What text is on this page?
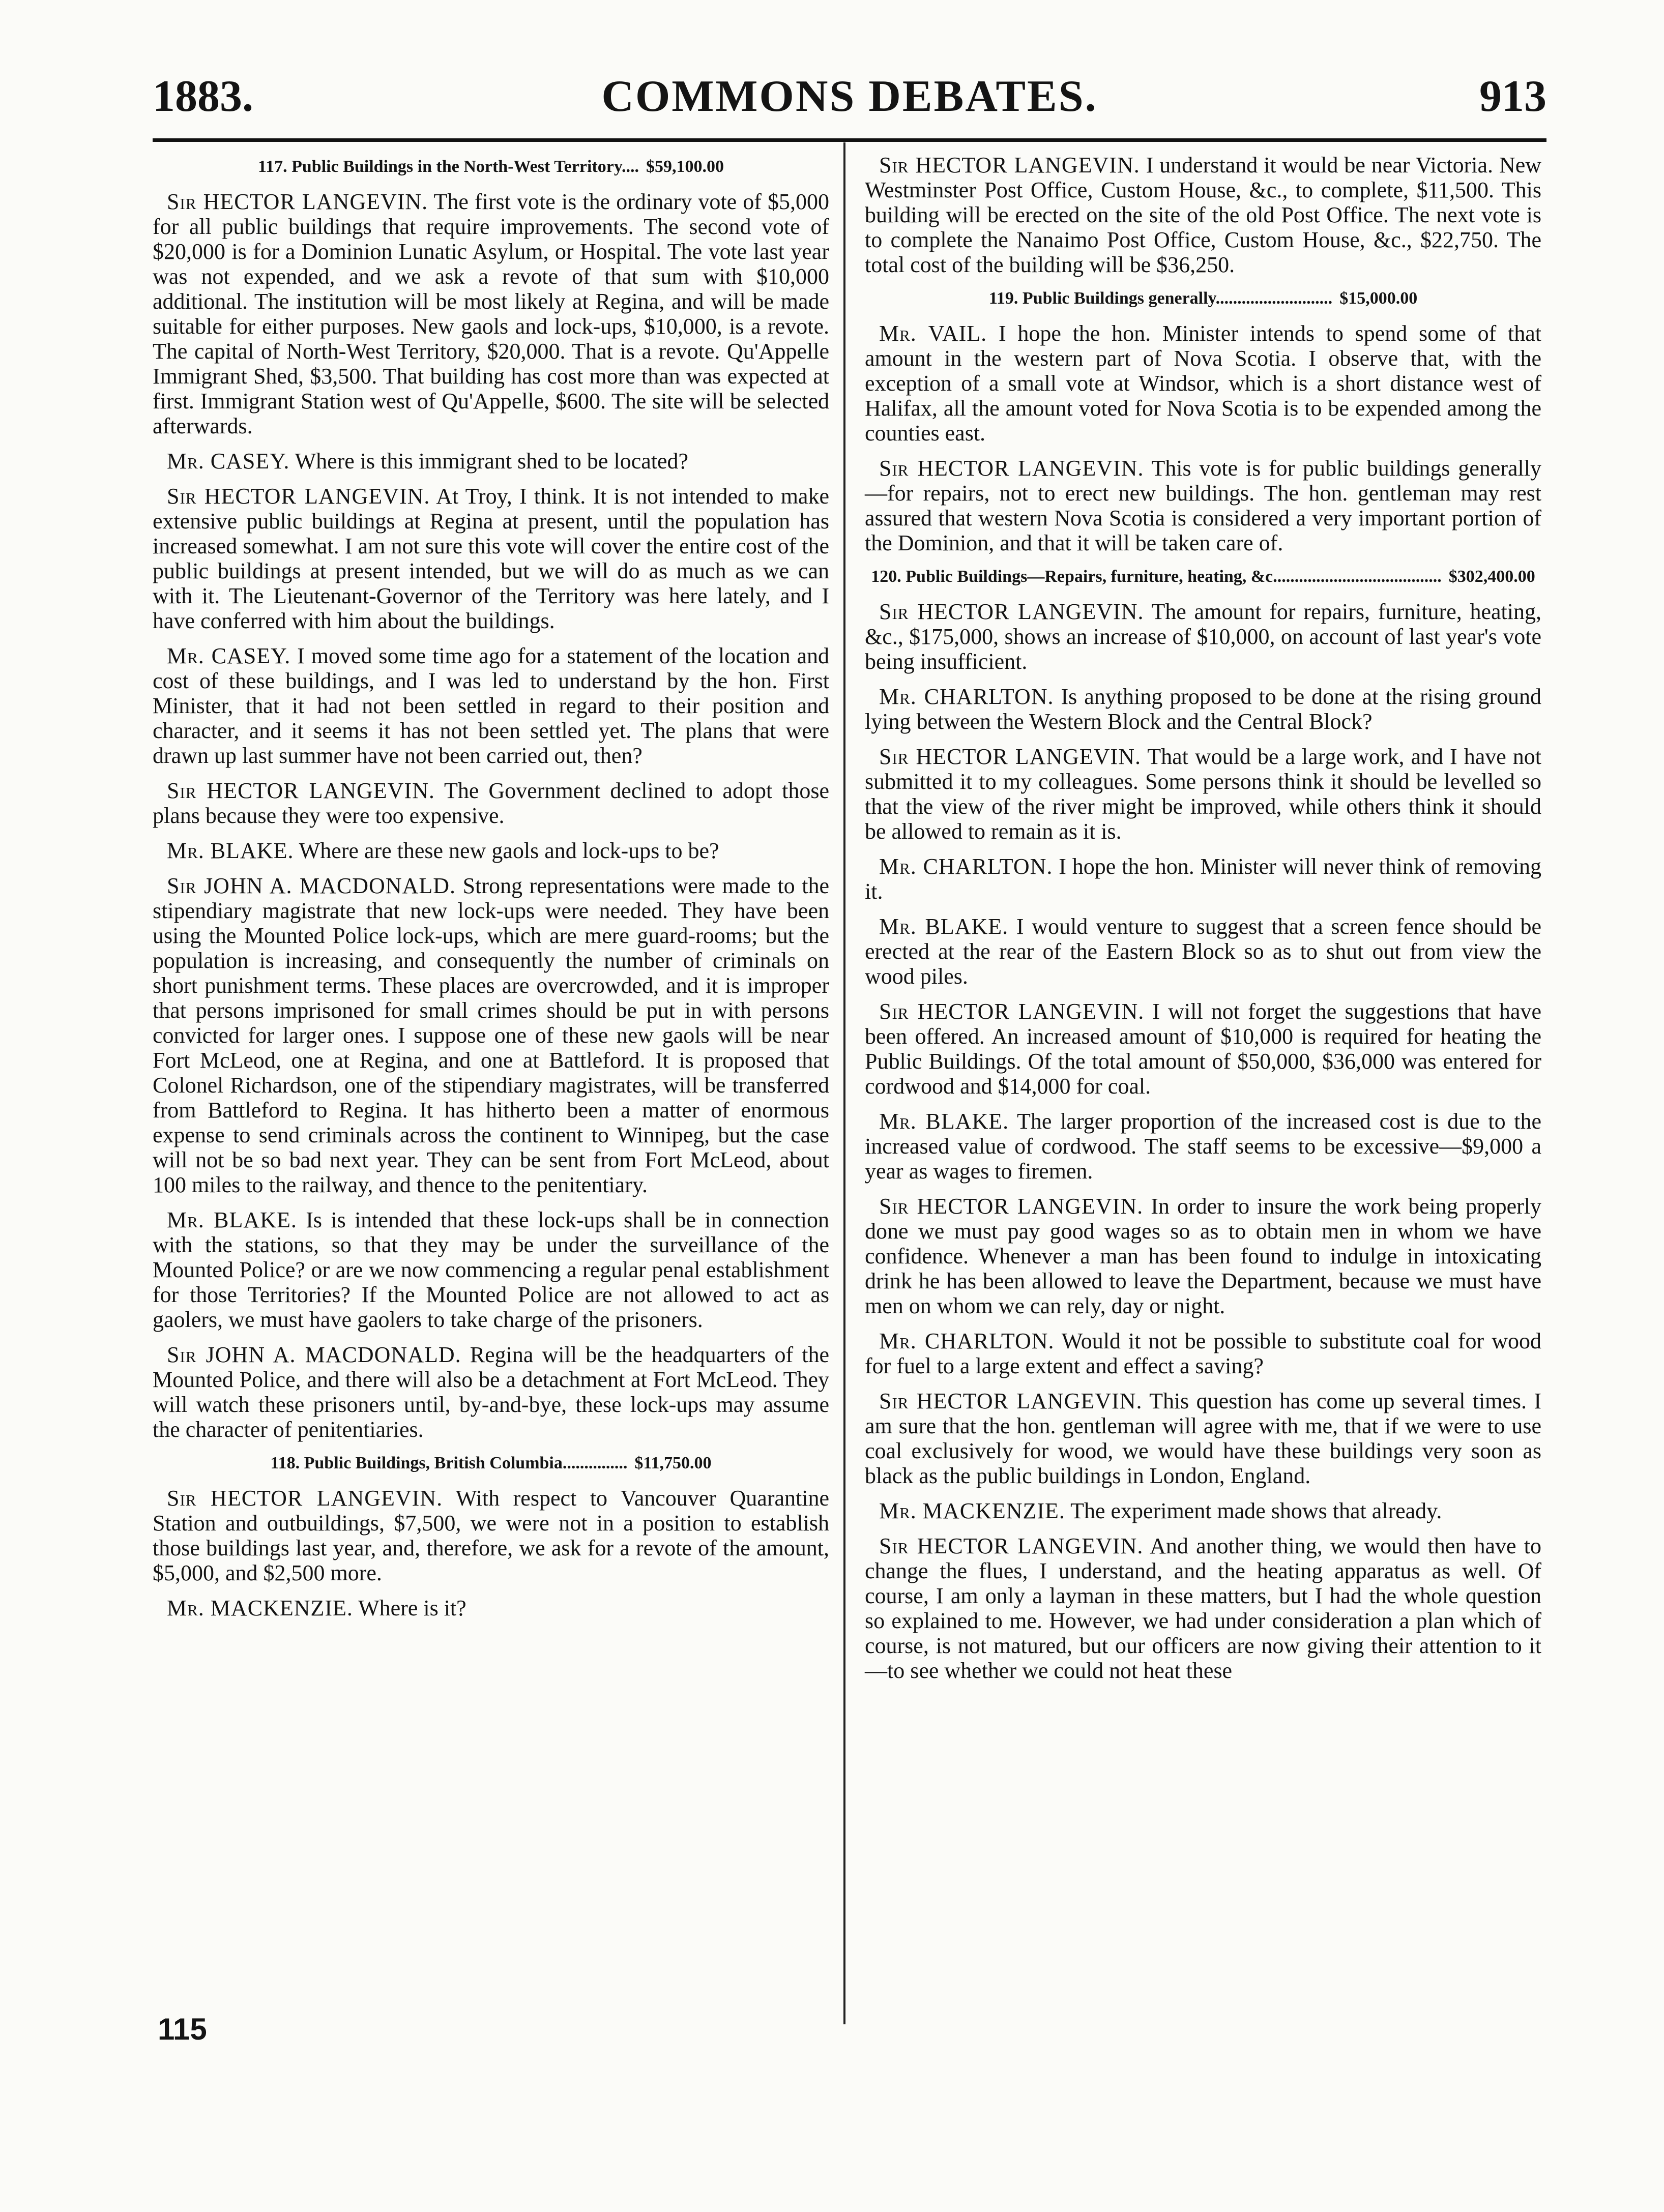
1883.	COMMONS DEBATES.	913
117. Public Buildings in the North-West Territory.... $59,100.00

Sir HECTOR LANGEVIN. The first vote is the ordinary vote of $5,000 for all public buildings that require improvements. The second vote of $20,000 is for a Dominion Lunatic Asylum, or Hospital. The vote last year was not expended, and we ask a revote of that sum with $10,000 additional. The institution will be most likely at Regina, and will be made suitable for either purposes. New gaols and lock-ups, $10,000, is a revote. The capital of North-West Territory, $20,000. That is a revote. Qu'Appelle Immigrant Shed, $3,500. That building has cost more than was expected at first. Immigrant Station west of Qu'Appelle, $600. The site will be selected afterwards.

Mr. CASEY. Where is this immigrant shed to be located?

Sir HECTOR LANGEVIN. At Troy, I think. It is not intended to make extensive public buildings at Regina at present, until the population has increased somewhat. I am not sure this vote will cover the entire cost of the public buildings at present intended, but we will do as much as we can with it. The Lieutenant-Governor of the Territory was here lately, and I have conferred with him about the buildings.

Mr. CASEY. I moved some time ago for a statement of the location and cost of these buildings, and I was led to understand by the hon. First Minister, that it had not been settled in regard to their position and character, and it seems it has not been settled yet. The plans that were drawn up last summer have not been carried out, then?

Sir HECTOR LANGEVIN. The Government declined to adopt those plans because they were too expensive.

Mr. BLAKE. Where are these new gaols and lock-ups to be?

Sir JOHN A. MACDONALD. Strong representations were made to the stipendiary magistrate that new lock-ups were needed. They have been using the Mounted Police lock-ups, which are mere guard-rooms; but the population is increasing, and consequently the number of criminals on short punishment terms. These places are overcrowded, and it is improper that persons imprisoned for small crimes should be put in with persons convicted for larger ones. I suppose one of these new gaols will be near Fort McLeod, one at Regina, and one at Battleford. It is proposed that Colonel Richardson, one of the stipendiary magistrates, will be transferred from Battleford to Regina. It has hitherto been a matter of enormous expense to send criminals across the continent to Winnipeg, but the case will not be so bad next year. They can be sent from Fort McLeod, about 100 miles to the railway, and thence to the penitentiary.

Mr. BLAKE. Is is intended that these lock-ups shall be in connection with the stations, so that they may be under the surveillance of the Mounted Police? or are we now commencing a regular penal establishment for those Territories? If the Mounted Police are not allowed to act as gaolers, we must have gaolers to take charge of the prisoners.

Sir JOHN A. MACDONALD. Regina will be the headquarters of the Mounted Police, and there will also be a detachment at Fort McLeod. They will watch these prisoners until, by-and-bye, these lock-ups may assume the character of penitentiaries.

118. Public Buildings, British Columbia............... $11,750.00

Sir HECTOR LANGEVIN. With respect to Vancouver Quarantine Station and outbuildings, $7,500, we were not in a position to establish those buildings last year, and, therefore, we ask for a revote of the amount, $5,000, and $2,500 more.

Mr. MACKENZIE. Where is it?

Sir HECTOR LANGEVIN. I understand it would be near Victoria. New Westminster Post Office, Custom House, &c., to complete, $11,500. This building will be erected on the site of the old Post Office. The next vote is to complete the Nanaimo Post Office, Custom House, &c., $22,750. The total cost of the building will be $36,250.

119. Public Buildings generally........................... $15,000.00

Mr. VAIL. I hope the hon. Minister intends to spend some of that amount in the western part of Nova Scotia. I observe that, with the exception of a small vote at Windsor, which is a short distance west of Halifax, all the amount voted for Nova Scotia is to be expended among the counties east.

Sir HECTOR LANGEVIN. This vote is for public buildings generally—for repairs, not to erect new buildings. The hon. gentleman may rest assured that western Nova Scotia is considered a very important portion of the Dominion, and that it will be taken care of.

120. Public Buildings—Repairs, furniture, heating, &c....................................... $302,400.00

Sir HECTOR LANGEVIN. The amount for repairs, furniture, heating, &c., $175,000, shows an increase of $10,000, on account of last year's vote being insufficient.

Mr. CHARLTON. Is anything proposed to be done at the rising ground lying between the Western Block and the Central Block?

Sir HECTOR LANGEVIN. That would be a large work, and I have not submitted it to my colleagues. Some persons think it should be levelled so that the view of the river might be improved, while others think it should be allowed to remain as it is.

Mr. CHARLTON. I hope the hon. Minister will never think of removing it.

Mr. BLAKE. I would venture to suggest that a screen fence should be erected at the rear of the Eastern Block so as to shut out from view the wood piles.

Sir HECTOR LANGEVIN. I will not forget the suggestions that have been offered. An increased amount of $10,000 is required for heating the Public Buildings. Of the total amount of $50,000, $36,000 was entered for cordwood and $14,000 for coal.

Mr. BLAKE. The larger proportion of the increased cost is due to the increased value of cordwood. The staff seems to be excessive—$9,000 a year as wages to firemen.

Sir HECTOR LANGEVIN. In order to insure the work being properly done we must pay good wages so as to obtain men in whom we have confidence. Whenever a man has been found to indulge in intoxicating drink he has been allowed to leave the Department, because we must have men on whom we can rely, day or night.

Mr. CHARLTON. Would it not be possible to substitute coal for wood for fuel to a large extent and effect a saving?

Sir HECTOR LANGEVIN. This question has come up several times. I am sure that the hon. gentleman will agree with me, that if we were to use coal exclusively for wood, we would have these buildings very soon as black as the public buildings in London, England.

Mr. MACKENZIE. The experiment made shows that already.

Sir HECTOR LANGEVIN. And another thing, we would then have to change the flues, I understand, and the heating apparatus as well. Of course, I am only a layman in these matters, but I had the whole question so explained to me. However, we had under consideration a plan which of course, is not matured, but our officers are now giving their attention to it—to see whether we could not heat these

115
